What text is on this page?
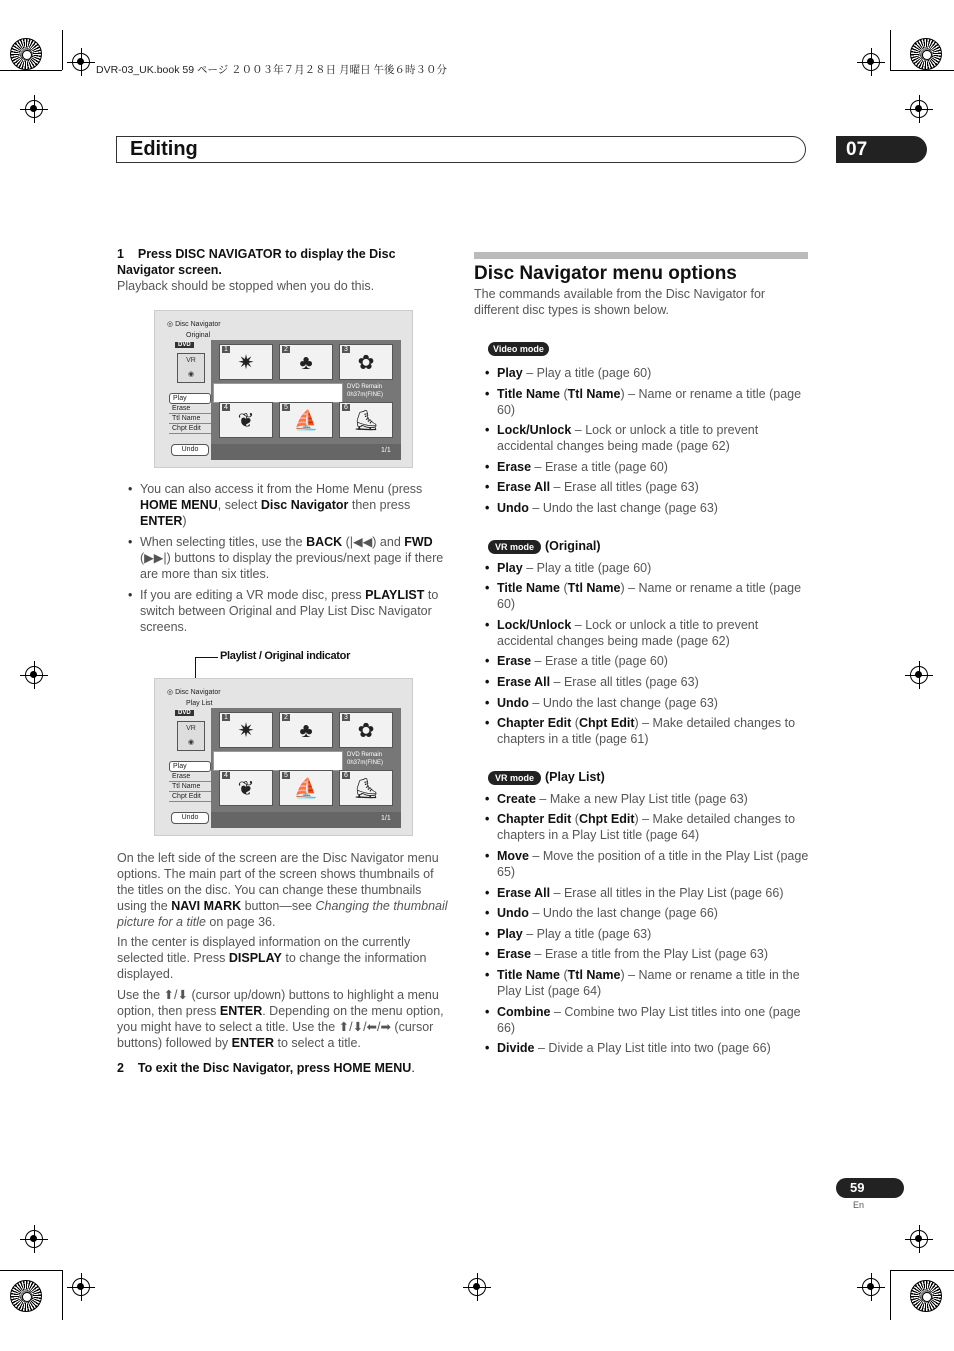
DVR-03_UK.book 59 ページ ２００３年７月２８日 月曜日 午後６時３０分
Editing	07
1 Press DISC NAVIGATOR to display the Disc
Navigator screen.
Playback should be stopped when you do this.
◎ Disc Navigator
Original
DVD
VR
◉
Play
Erase
Ttl Name
Chpt Edit
Undo
1
✷
2
♣
3
✿
DVD Remain
0h37m(FINE)
4
❦
5
⛵
6
⛸
1/1
• You can also access it from the Home Menu (press HOME MENU, select Disc Navigator then press ENTER)
• When selecting titles, use the BACK (|◀◀) and FWD (▶▶|) buttons to display the previous/next page if there are more than six titles.
• If you are editing a VR mode disc, press PLAYLIST to switch between Original and Play List Disc Navigator screens.
Playlist / Original indicator
◎ Disc Navigator
Play List
DVD
VR
◉
Play
Erase
Ttl Name
Chpt Edit
Undo
1
✷
2
♣
3
✿
DVD Remain
0h37m(FINE)
4
❦
5
⛵
6
⛸
1/1
On the left side of the screen are the Disc Navigator menu options. The main part of the screen shows thumbnails of the titles on the disc. You can change these thumbnails using the NAVI MARK button—see Changing the thumbnail picture for a title on page 36.
In the center is displayed information on the currently selected title. Press DISPLAY to change the information displayed.
Use the ⬆/⬇ (cursor up/down) buttons to highlight a menu option, then press ENTER. Depending on the menu option, you might have to select a title. Use the ⬆/⬇/⬅/➡ (cursor buttons) followed by ENTER to select a title.
2 To exit the Disc Navigator, press HOME MENU.
Disc Navigator menu options
The commands available from the Disc Navigator for different disc types is shown below.
Video mode
• Play – Play a title (page 60)
• Title Name (Ttl Name) – Name or rename a title (page 60)
• Lock/Unlock – Lock or unlock a title to prevent accidental changes being made (page 62)
• Erase – Erase a title (page 60)
• Erase All – Erase all titles (page 63)
• Undo – Undo the last change (page 63)
VR mode (Original)
• Play – Play a title (page 60)
• Title Name (Ttl Name) – Name or rename a title (page 60)
• Lock/Unlock – Lock or unlock a title to prevent accidental changes being made (page 62)
• Erase – Erase a title (page 60)
• Erase All – Erase all titles (page 63)
• Undo – Undo the last change (page 63)
• Chapter Edit (Chpt Edit) – Make detailed changes to chapters in a title (page 61)
VR mode (Play List)
• Create – Make a new Play List title (page 63)
• Chapter Edit (Chpt Edit) – Make detailed changes to chapters in a Play List title (page 64)
• Move – Move the position of a title in the Play List (page 65)
• Erase All – Erase all titles in the Play List (page 66)
• Undo – Undo the last change (page 66)
• Play – Play a title (page 63)
• Erase – Erase a title from the Play List (page 63)
• Title Name (Ttl Name) – Name or rename a title in the Play List (page 64)
• Combine – Combine two Play List titles into one (page 66)
• Divide – Divide a Play List title into two (page 66)
59
En
